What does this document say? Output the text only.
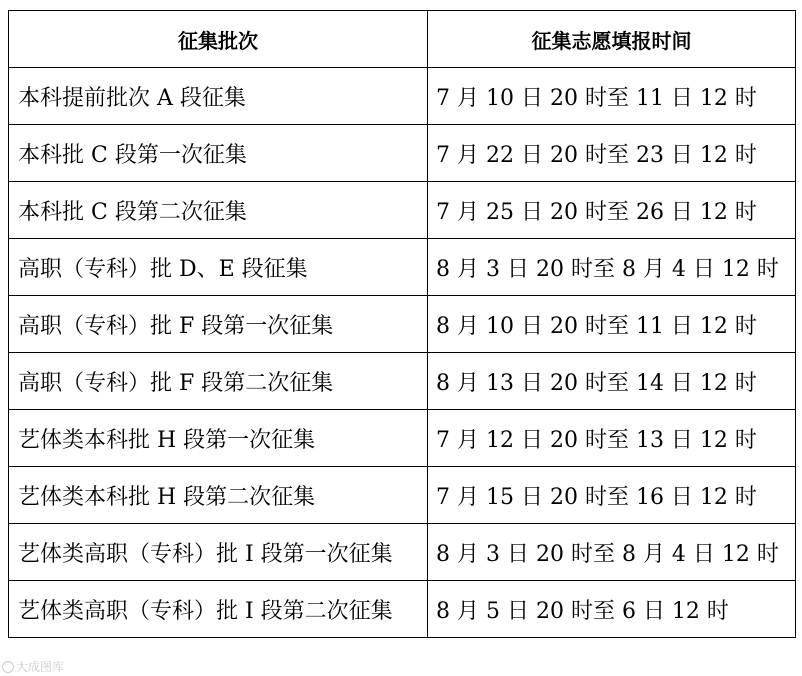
征集批次	征集志愿填报时间
本科提前批次 A 段征集	7 月 10 日 20 时至 11 日 12 时
本科批 C 段第一次征集	7 月 22 日 20 时至 23 日 12 时
本科批 C 段第二次征集	7 月 25 日 20 时至 26 日 12 时
高职（专科）批 D、E 段征集	8 月 3 日 20 时至 8 月 4 日 12 时
高职（专科）批 F 段第一次征集	8 月 10 日 20 时至 11 日 12 时
高职（专科）批 F 段第二次征集	8 月 13 日 20 时至 14 日 12 时
艺体类本科批 H 段第一次征集	7 月 12 日 20 时至 13 日 12 时
艺体类本科批 H 段第二次征集	7 月 15 日 20 时至 16 日 12 时
艺体类高职（专科）批 I 段第一次征集	8 月 3 日 20 时至 8 月 4 日 12 时
艺体类高职（专科）批 I 段第二次征集	8 月 5 日 20 时至 6 日 12 时
大成图库
